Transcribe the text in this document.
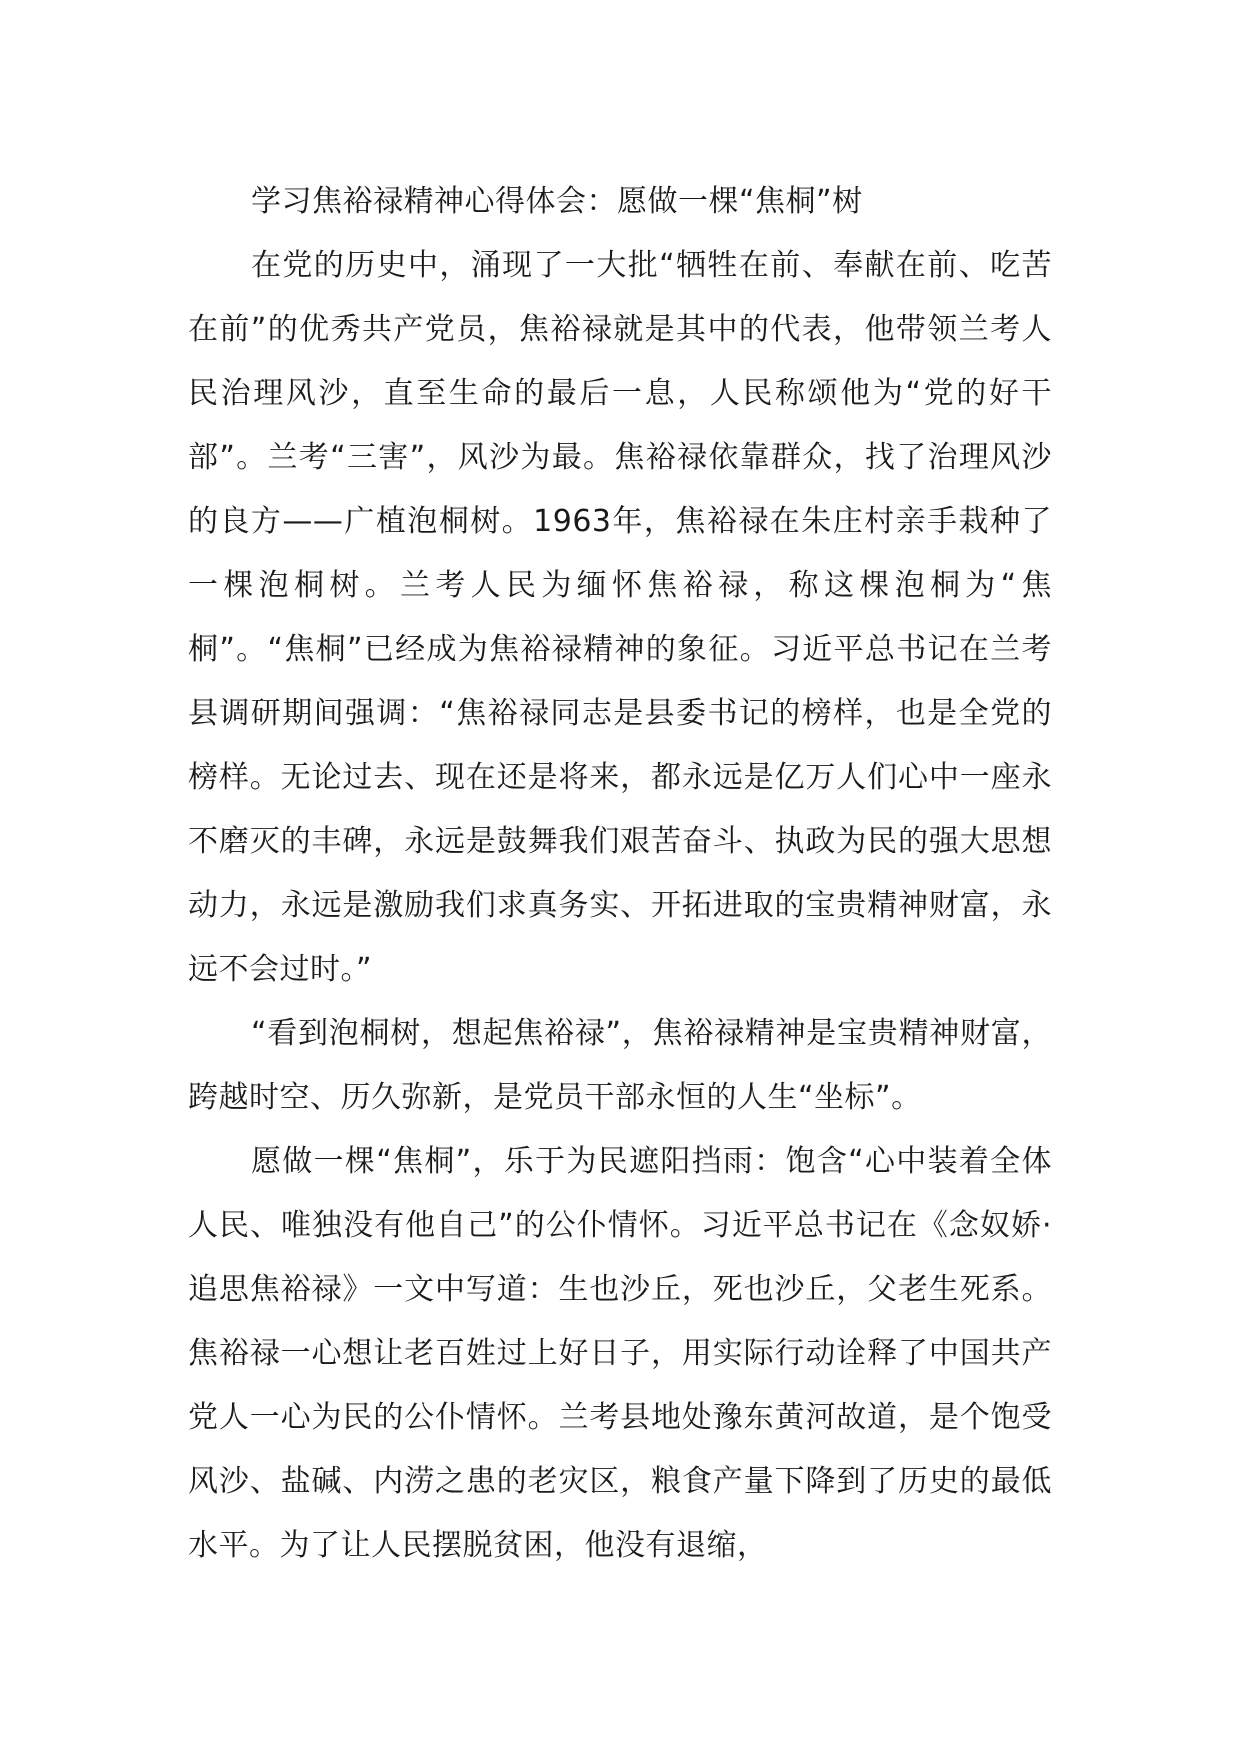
学习焦裕禄精神心得体会：愿做一棵“焦桐”树

在党的历史中，涌现了一大批“牺牲在前、奉献在前、吃苦在前”的优秀共产党员，焦裕禄就是其中的代表，他带领兰考人民治理风沙，直至生命的最后一息，人民称颂他为“党的好干部”。兰考“三害”，风沙为最。焦裕禄依靠群众，找了治理风沙的良方——广植泡桐树。1963年，焦裕禄在朱庄村亲手栽种了一棵泡桐树。兰考人民为缅怀焦裕禄，称这棵泡桐为“焦桐”。“焦桐”已经成为焦裕禄精神的象征。习近平总书记在兰考县调研期间强调：“焦裕禄同志是县委书记的榜样，也是全党的榜样。无论过去、现在还是将来，都永远是亿万人们心中一座永不磨灭的丰碑，永远是鼓舞我们艰苦奋斗、执政为民的强大思想动力，永远是激励我们求真务实、开拓进取的宝贵精神财富，永远不会过时。”

“看到泡桐树，想起焦裕禄”，焦裕禄精神是宝贵精神财富，跨越时空、历久弥新，是党员干部永恒的人生“坐标”。

愿做一棵“焦桐”，乐于为民遮阳挡雨：饱含“心中装着全体人民、唯独没有他自己”的公仆情怀。习近平总书记在《念奴娇·追思焦裕禄》一文中写道：生也沙丘，死也沙丘，父老生死系。焦裕禄一心想让老百姓过上好日子，用实际行动诠释了中国共产党人一心为民的公仆情怀。兰考县地处豫东黄河故道，是个饱受风沙、盐碱、内涝之患的老灾区，粮食产量下降到了历史的最低水平。为了让人民摆脱贫困，他没有退缩，
